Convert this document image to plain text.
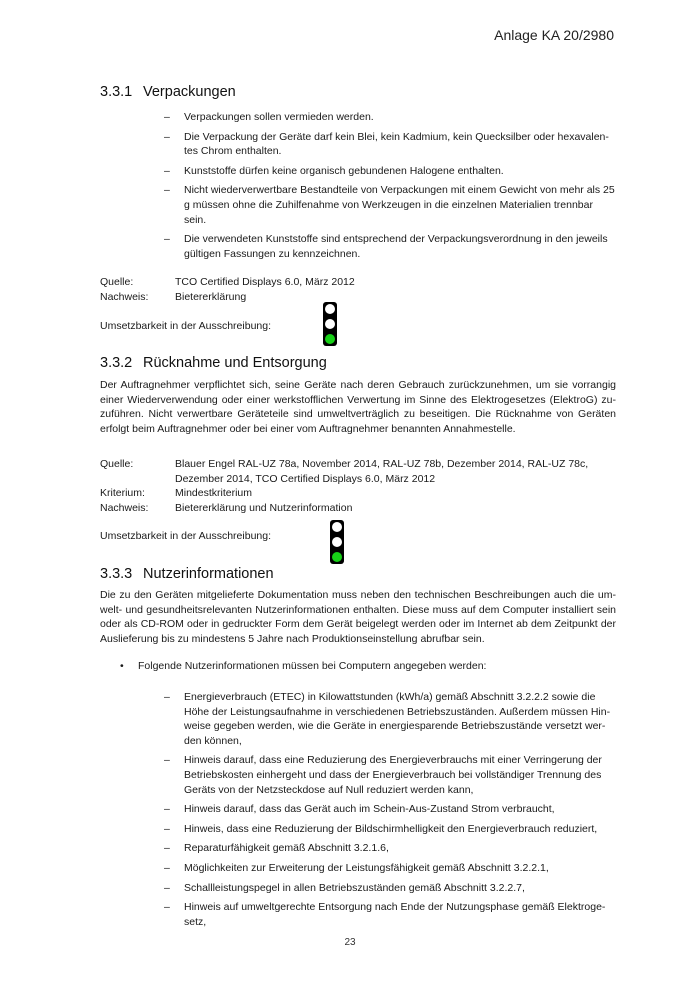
Anlage KA 20/2980
3.3.1 Verpackungen
– Verpackungen sollen vermieden werden.
– Die Verpackung der Geräte darf kein Blei, kein Kadmium, kein Quecksilber oder hexavalen-tes Chrom enthalten.
– Kunststoffe dürfen keine organisch gebundenen Halogene enthalten.
– Nicht wiederverwertbare Bestandteile von Verpackungen mit einem Gewicht von mehr als 25 g müssen ohne die Zuhilfenahme von Werkzeugen in die einzelnen Materialien trennbar sein.
– Die verwendeten Kunststoffe sind entsprechend der Verpackungsverordnung in den jeweils gültigen Fassungen zu kennzeichnen.
Quelle:	TCO Certified Displays 6.0, März 2012
Nachweis:	Bietererklärung
Umsetzbarkeit in der Ausschreibung:
3.3.2 Rücknahme und Entsorgung

Der Auftragnehmer verpflichtet sich, seine Geräte nach deren Gebrauch zurückzunehmen, um sie vorrangig einer Wiederverwendung oder einer werkstofflichen Verwertung im Sinne des Elektrogesetzes (ElektroG) zu-zuführen. Nicht verwertbare Geräteteile sind umweltverträglich zu beseitigen. Die Rücknahme von Geräten erfolgt beim Auftragnehmer oder bei einer vom Auftragnehmer benannten Annahmestelle.

Quelle:	Blauer Engel RAL-UZ 78a, November 2014, RAL-UZ 78b, Dezember 2014, RAL-UZ 78c, Dezember 2014, TCO Certified Displays 6.0, März 2012
Kriterium:	Mindestkriterium
Nachweis:	Bietererklärung und Nutzerinformation
Umsetzbarkeit in der Ausschreibung:
3.3.3 Nutzerinformationen

Die zu den Geräten mitgelieferte Dokumentation muss neben den technischen Beschreibungen auch die um-welt- und gesundheitsrelevanten Nutzerinformationen enthalten. Diese muss auf dem Computer installiert sein oder als CD-ROM oder in gedruckter Form dem Gerät beigelegt werden oder im Internet ab dem Zeitpunkt der Auslieferung bis zu mindestens 5 Jahre nach Produktionseinstellung abrufbar sein.

• Folgende Nutzerinformationen müssen bei Computern angegeben werden:
– Energieverbrauch (ETEC) in Kilowattstunden (kWh/a) gemäß Abschnitt 3.2.2.2 sowie die Höhe der Leistungsaufnahme in verschiedenen Betriebszuständen. Außerdem müssen Hin-weise gegeben werden, wie die Geräte in energiesparende Betriebszustände versetzt wer-den können,
– Hinweis darauf, dass eine Reduzierung des Energieverbrauchs mit einer Verringerung der Betriebskosten einhergeht und dass der Energieverbrauch bei vollständiger Trennung des Geräts von der Netzsteckdose auf Null reduziert werden kann,
– Hinweis darauf, dass das Gerät auch im Schein-Aus-Zustand Strom verbraucht,
– Hinweis, dass eine Reduzierung der Bildschirmhelligkeit den Energieverbrauch reduziert,
– Reparaturfähigkeit gemäß Abschnitt 3.2.1.6,
– Möglichkeiten zur Erweiterung der Leistungsfähigkeit gemäß Abschnitt 3.2.2.1,
– Schallleistungspegel in allen Betriebszuständen gemäß Abschnitt 3.2.2.7,
– Hinweis auf umweltgerechte Entsorgung nach Ende der Nutzungsphase gemäß Elektroge-setz,
23
